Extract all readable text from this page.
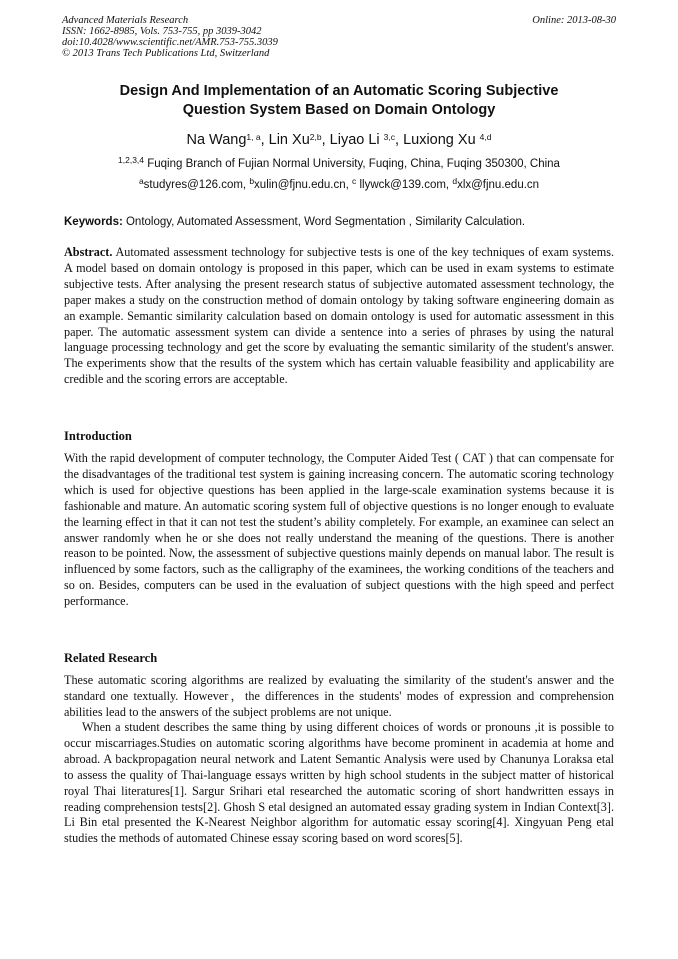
Advanced Materials Research
ISSN: 1662-8985, Vols. 753-755, pp 3039-3042
doi:10.4028/www.scientific.net/AMR.753-755.3039
© 2013 Trans Tech Publications Ltd, Switzerland
Online: 2013-08-30
Design And Implementation of an Automatic Scoring Subjective
Question System Based on Domain Ontology
Na Wang$^{1, a}$, Lin Xu$^{2,b}$, Liyao Li $^{3,c}$, Luxiong Xu $^{4,d}$
$^{1,2,3,4}$ Fuqing Branch of Fujian Normal University, Fuqing, China, Fuqing 350300, China
$^a$studyres@126.com, $^b$xulin@fjnu.edu.cn, $^c$ llywck@139.com, $^d$xlx@fjnu.edu.cn
Keywords: Ontology, Automated Assessment, Word Segmentation , Similarity Calculation.
Abstract. Automated assessment technology for subjective tests is one of the key techniques of exam systems. A model based on domain ontology is proposed in this paper, which can be used in exam systems to estimate subjective tests. After analysing the present research status of subjective automated assessment technology, the paper makes a study on the construction method of domain ontology by taking software engineering domain as an example. Semantic similarity calculation based on domain ontology is used for automatic assessment in this paper. The automatic assessment system can divide a sentence into a series of phrases by using the natural language processing technology and get the score by evaluating the semantic similarity of the student's answer. The experiments show that the results of the system which has certain valuable feasibility and applicability are credible and the scoring errors are acceptable.
Introduction
With the rapid development of computer technology, the Computer Aided Test ( CAT ) that can compensate for the disadvantages of the traditional test system is gaining increasing concern. The automatic scoring technology which is used for objective questions has been applied in the large-scale examination systems because it is fashionable and mature. An automatic scoring system full of objective questions is no longer enough to evaluate the learning effect in that it can not test the student’s ability completely. For example, an examinee can select an answer randomly when he or she does not really understand the meaning of the questions. There is another reason to be pointed. Now, the assessment of subjective questions mainly depends on manual labor. The result is influenced by some factors, such as the calligraphy of the examinees, the working conditions of the teachers and so on. Besides, computers can be used in the evaluation of subject questions with the high speed and perfect performance.
Related Research
These automatic scoring algorithms are realized by evaluating the similarity of the student's answer and the standard one textually. However，the differences in the students' modes of expression and comprehension abilities lead to the answers of the subject problems are not unique.
When a student describes the same thing by using different choices of words or pronouns ,it is possible to occur miscarriages.Studies on automatic scoring algorithms have become prominent in academia at home and abroad. A backpropagation neural network and Latent Semantic Analysis were used by Chanunya Loraksa etal to assess the quality of Thai-language essays written by high school students in the subject matter of historical royal Thai literatures[1]. Sargur Srihari etal researched the automatic scoring of short handwritten essays in reading comprehension tests[2]. Ghosh S etal designed an automated essay grading system in Indian Context[3]. Li Bin etal presented the K-Nearest Neighbor algorithm for automatic essay scoring[4]. Xingyuan Peng etal studies the methods of automated Chinese essay scoring based on word scores[5].
